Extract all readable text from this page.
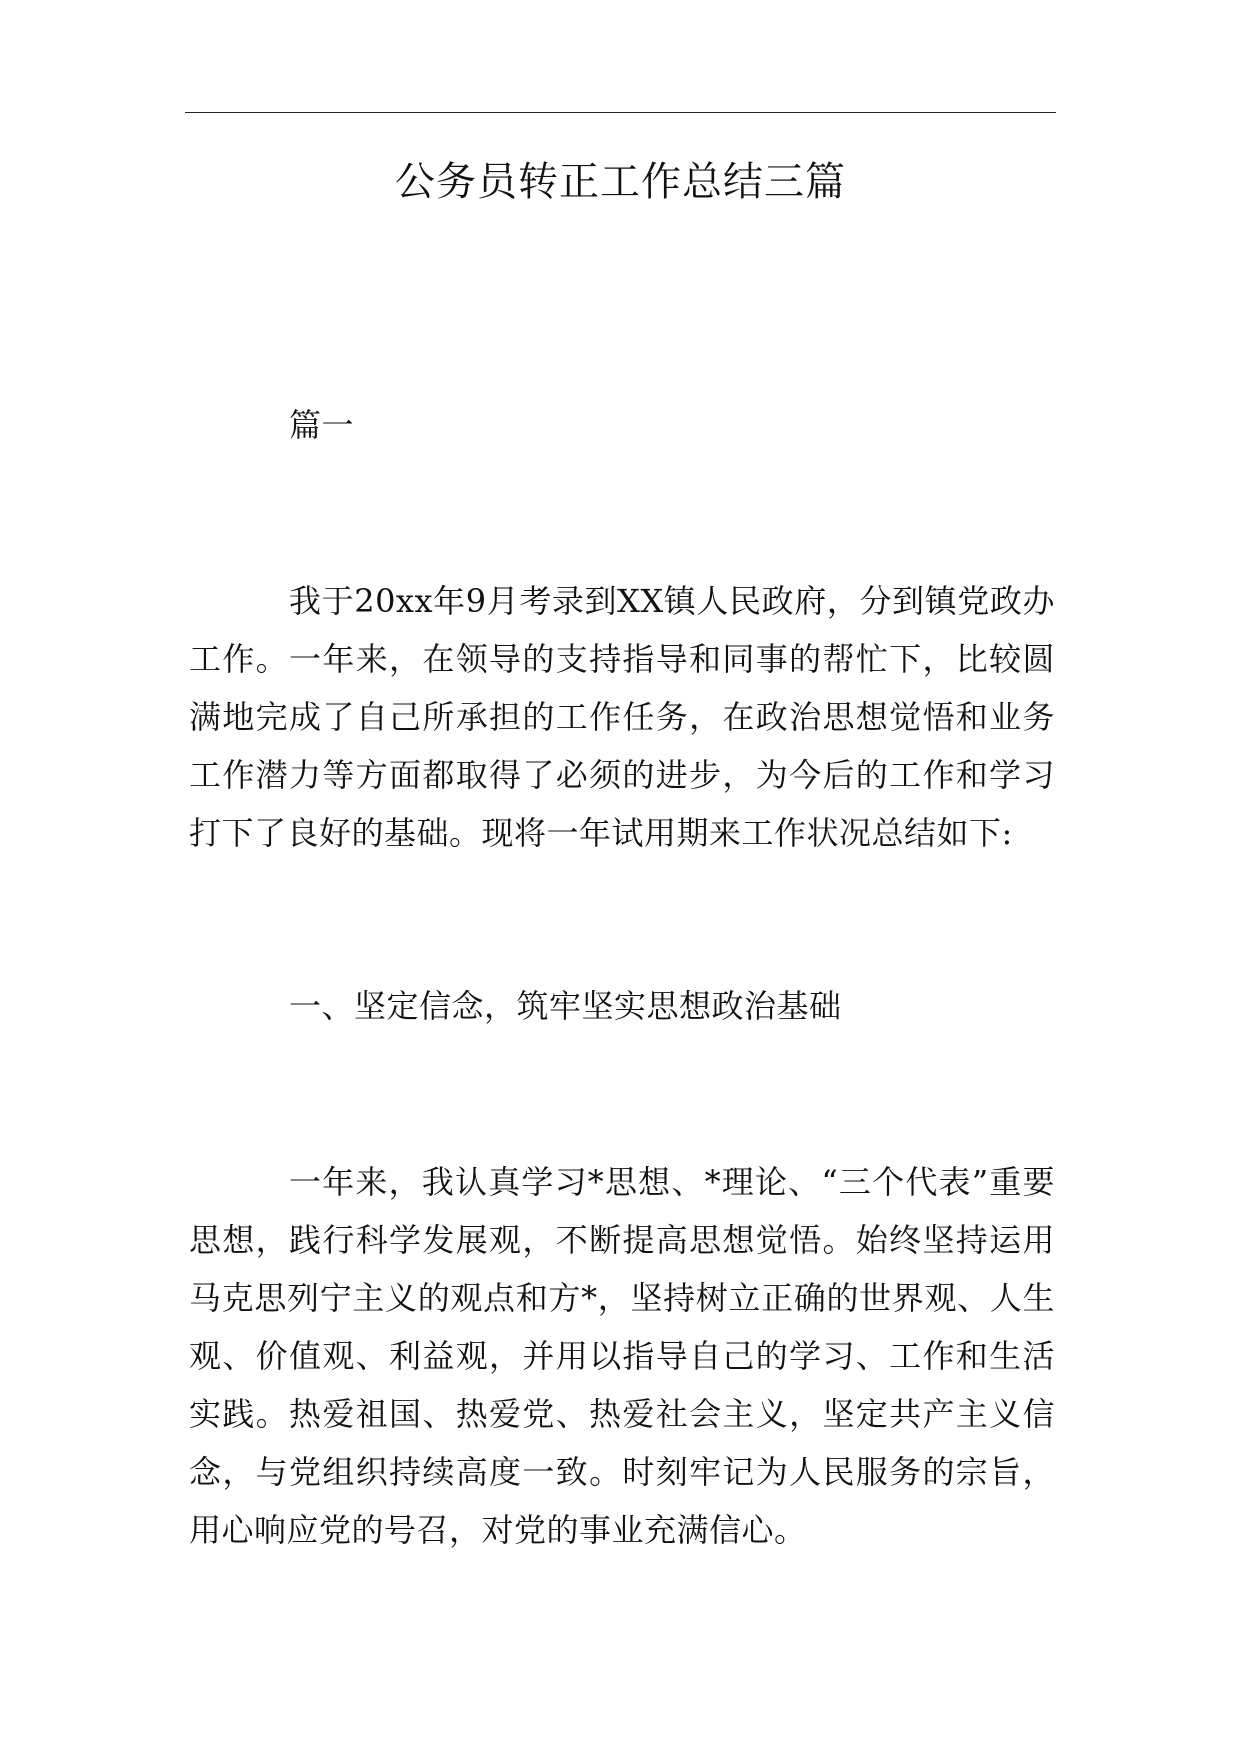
公务员转正工作总结三篇

篇一

我于20xx年9月考录到XX镇人民政府，分到镇党政办工作。一年来，在领导的支持指导和同事的帮忙下，比较圆满地完成了自己所承担的工作任务，在政治思想觉悟和业务工作潜力等方面都取得了必须的进步，为今后的工作和学习打下了良好的基础。现将一年试用期来工作状况总结如下:

一、坚定信念，筑牢坚实思想政治基础

一年来，我认真学习*思想、*理论、“三个代表”重要思想，践行科学发展观，不断提高思想觉悟。始终坚持运用马克思列宁主义的观点和方*，坚持树立正确的世界观、人生观、价值观、利益观，并用以指导自己的学习、工作和生活实践。热爱祖国、热爱党、热爱社会主义，坚定共产主义信念，与党组织持续高度一致。时刻牢记为人民服务的宗旨，用心响应党的号召，对党的事业充满信心。
